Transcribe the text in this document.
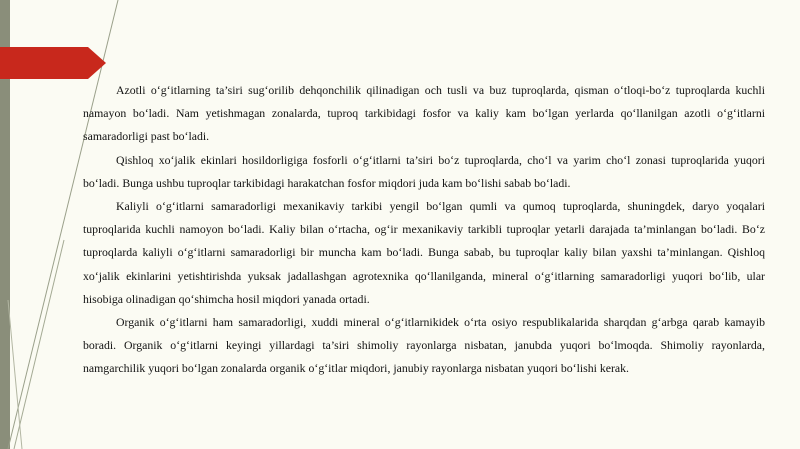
Azotli o‘g‘itlarning ta’siri sug‘orilib dehqonchilik qilinadigan och tusli va buz tuproqlarda, qisman o‘tloqi-bo‘z tuproqlarda kuchli namayon bo‘ladi. Nam yetishmagan zonalarda, tuproq tarkibidagi fosfor va kaliy kam bo‘lgan yerlarda qo‘llanilgan azotli o‘g‘itlarni samaradorligi past bo‘ladi.

Qishloq xo‘jalik ekinlari hosildorligiga fosforli o‘g‘itlarni ta’siri bo‘z tuproqlarda, cho‘l va yarim cho‘l zonasi tuproqlarida yuqori bo‘ladi. Bunga ushbu tuproqlar tarkibidagi harakatchan fosfor miqdori juda kam bo‘lishi sabab bo‘ladi.

Kaliyli o‘g‘itlarni samaradorligi mexanikaviy tarkibi yengil bo‘lgan qumli va qumoq tuproqlarda, shuningdek, daryo yoqalari tuproqlarida kuchli namoyon bo‘ladi. Kaliy bilan o‘rtacha, og‘ir mexanikaviy tarkibli tuproqlar yetarli darajada ta’minlangan bo‘ladi. Bo‘z tuproqlarda kaliyli o‘g‘itlarni samaradorligi bir muncha kam bo‘ladi. Bunga sabab, bu tuproqlar kaliy bilan yaxshi ta’minlangan. Qishloq xo‘jalik ekinlarini yetishtirishda yuksak jadallashgan agrotexnika qo‘llanilganda, mineral o‘g‘itlarning samaradorligi yuqori bo‘lib, ular hisobiga olinadigan qo‘shimcha hosil miqdori yanada ortadi.

Organik o‘g‘itlarni ham samaradorligi, xuddi mineral o‘g‘itlarnikidek o‘rta osiyo respublikalarida sharqdan g‘arbga qarab kamayib boradi. Organik o‘g‘itlarni keyingi yillardagi ta’siri shimoliy rayonlarga nisbatan, janubda yuqori bo‘lmoqda. Shimoliy rayonlarda, namgarchilik yuqori bo‘lgan zonalarda organik o‘g‘itlar miqdori, janubiy rayonlarga nisbatan yuqori bo‘lishi kerak.
